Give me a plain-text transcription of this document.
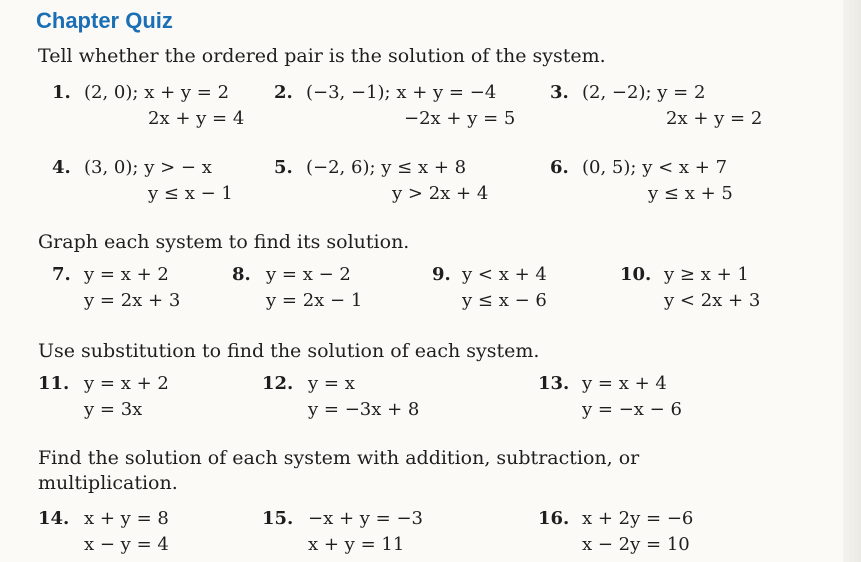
Chapter Quiz
Tell whether the ordered pair is the solution of the system.
1. (2, 0); x + y = 2
2x + y = 4
2. (−3, −1); x + y = −4
−2x + y = 5
3. (2, −2); y = 2
2x + y = 2
4. (3, 0); y > − x
y ≤ x − 1
5. (−2, 6); y ≤ x + 8
y > 2x + 4
6. (0, 5); y < x + 7
y ≤ x + 5
Graph each system to find its solution.
7. y = x + 2
y = 2x + 3
8. y = x − 2
y = 2x − 1
9. y < x + 4
y ≤ x − 6
10. y ≥ x + 1
y < 2x + 3
Use substitution to find the solution of each system.
11. y = x + 2
y = 3x
12. y = x
y = −3x + 8
13. y = x + 4
y = −x − 6
Find the solution of each system with addition, subtraction, or
multiplication.
14. x + y = 8
x − y = 4
15. −x + y = −3
x + y = 11
16. x + 2y = −6
x − 2y = 10
